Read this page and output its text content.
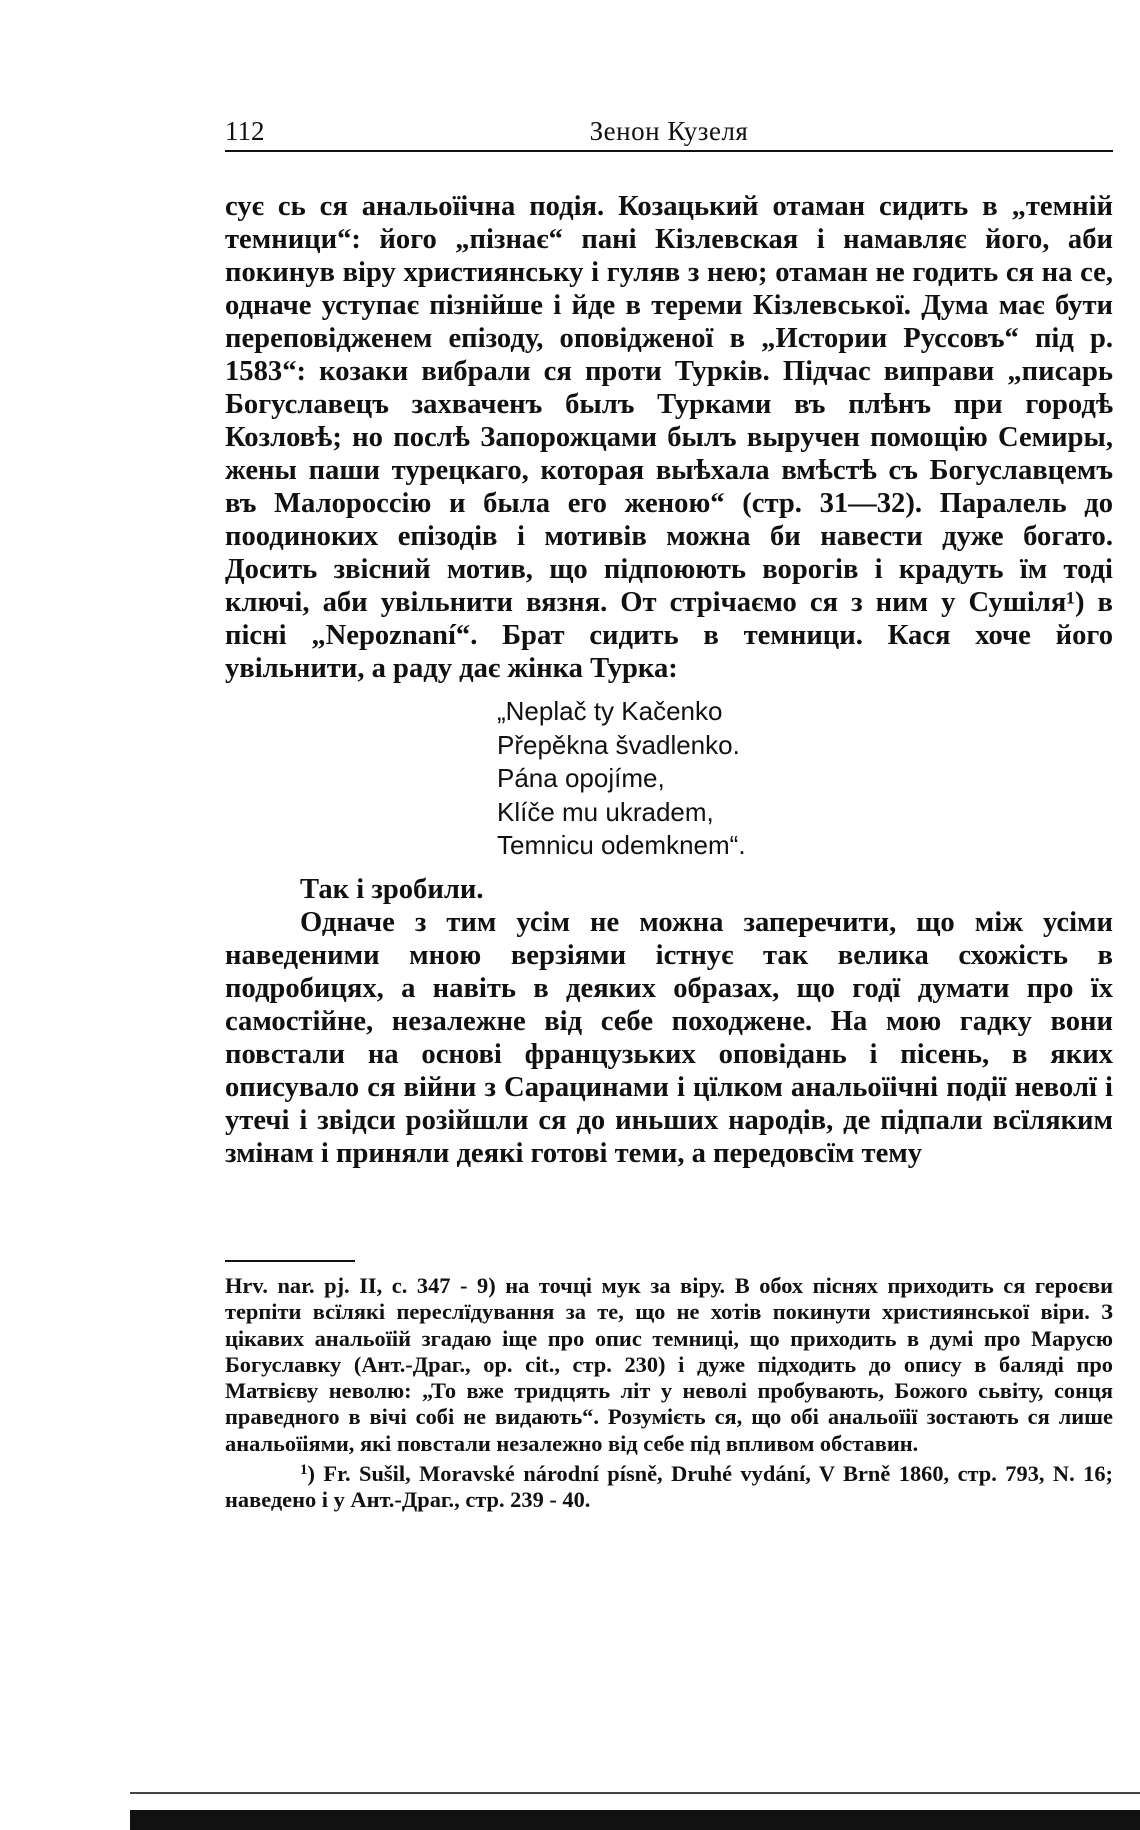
112	Зенон Кузеля

сує сь ся анальоїічна подія. Козацький отаман сидить в „темній темници“: його „пізнає“ пані Кізлевская і намавляє його, аби покинув віру християнську і гуляв з нею; отаман не годить ся на се, одначе уступає пізнійше і йде в тереми Кізлевської. Дума має бути переповідженем епізоду, оповідженої в „Истории Руссовъ“ під р. 1583“: козаки вибрали ся проти Турків. Підчас виправи „писарь Богуславецъ захваченъ былъ Турками въ плѣнъ при городѣ Козловѣ; но послѣ Запорожцами былъ выручен помощію Семиры, жены паши турецкаго, которая выѣхала вмѣстѣ съ Богуславцемъ въ Малороссію и была его женою“ (стр. 31—32). Паралель до поодиноких епізодів і мотивів можна би навести дуже богато. Досить звісний мотив, що підпоюють ворогів і крадуть їм тоді ключі, аби увільнити вязня. От стрічаємо ся з ним у Сушіля¹) в пісні „Nepoznaní“. Брат сидить в темници. Кася хоче його увільнити, а раду дає жінка Турка:

„Neplač ty Kačenko
Přepěkna švadlenko.
Pána opojíme,
Klíče mu ukradem,
Temnicu odemknem“.

Так і зробили.

Одначе з тим усім не можна заперечити, що між усіми наведеними мною верзіями істнує так велика схожість в подробицях, а навіть в деяких образах, що годї думати про їх самостійне, незалежне від себе походжене. На мою гадку вони повстали на основі французьких оповідань і пісень, в яких описувало ся війни з Сарацинами і цїлком анальоїічні події неволї і утечі і звідси розійшли ся до иньших народів, де підпали всїляким змінам і приняли деякі готові теми, а передовсїм тему

Hrv. nar. pj. II, с. 347 - 9) на точці мук за віру. В обох піснях приходить ся героєви терпіти всїлякі переслїдування за те, що не хотів покинути християнської віри. З цікавих анальоїій згадаю іще про опис темниці, що приходить в думі про Марусю Богуславку (Ант.-Драг., op. cit., стр. 230) і дуже підходить до опису в баляді про Матвієву неволю: „То вже тридцять літ у неволі пробувають, Божого сьвіту, сонця праведного в вічі собі не видають“. Розумієть ся, що обі анальоїії зостають ся лише анальоїіями, які повстали незалежно від себе під впливом обставин.

$^1$) Fr. Sušil, Moravské národní písně, Druhé vydání, V Brně 1860, стр. 793, N. 16; наведено і у Ант.-Драг., стр. 239 - 40.
